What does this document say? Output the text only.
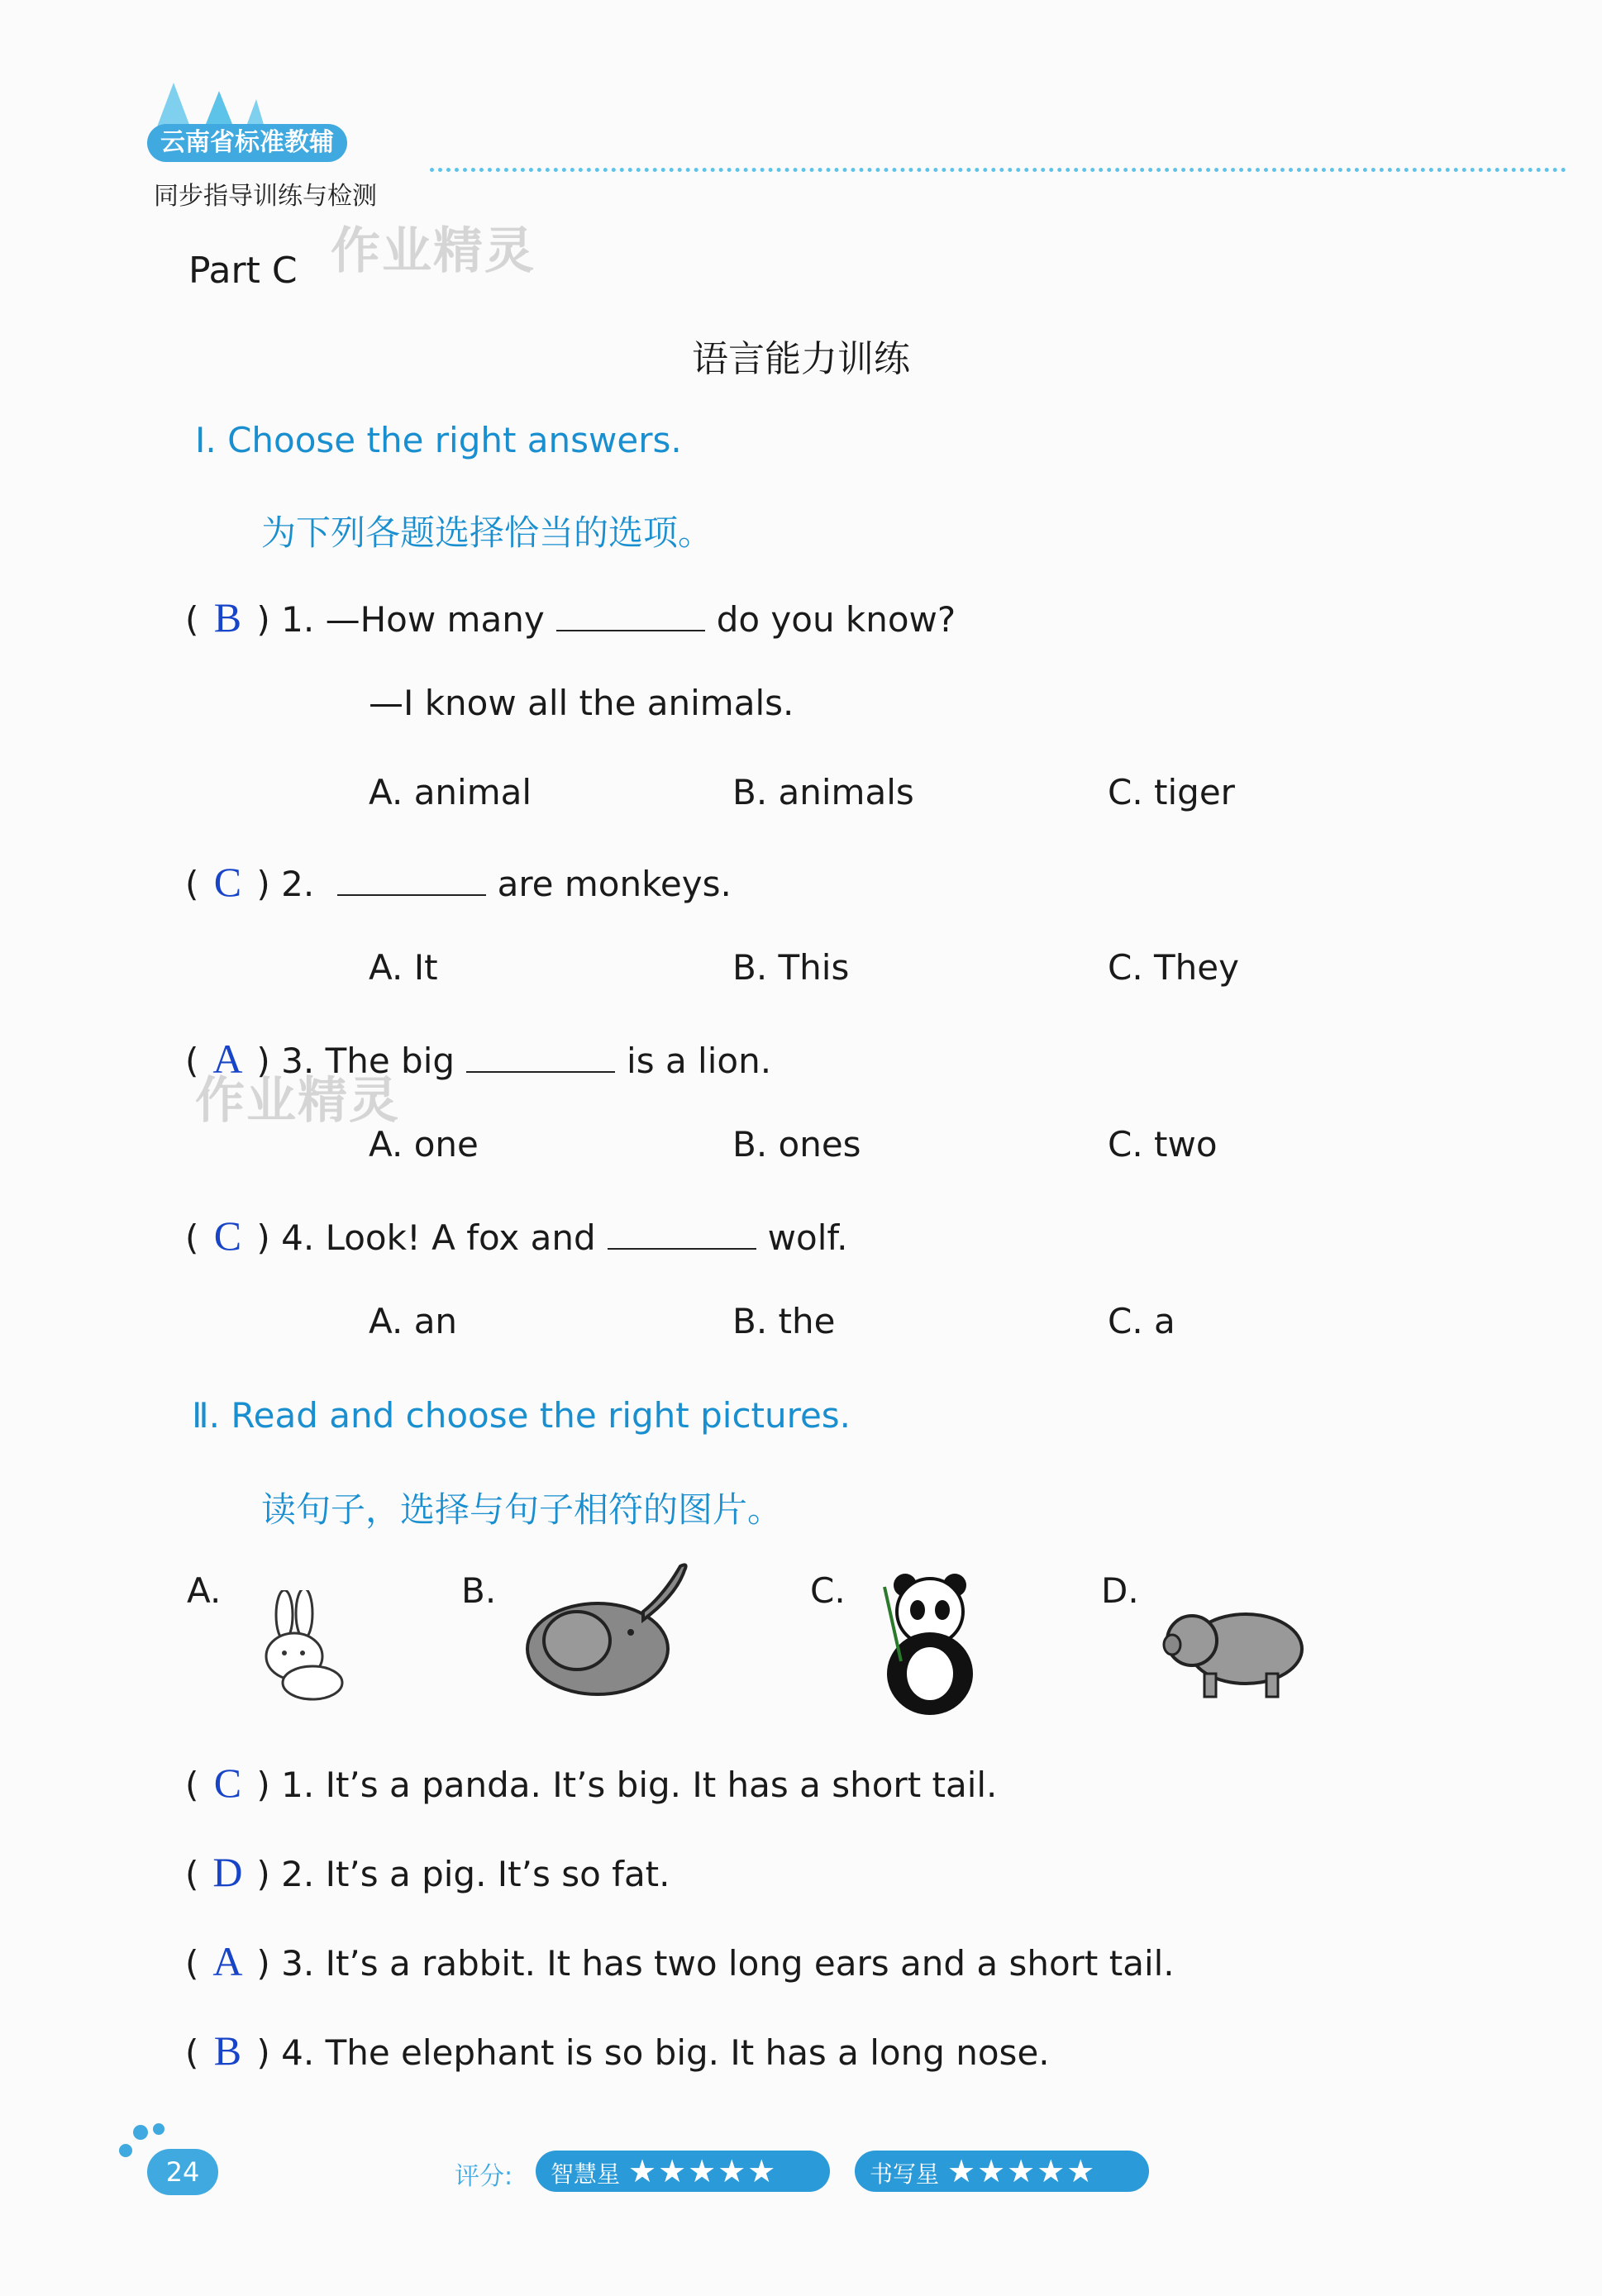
云南省标准教辅
同步指导训练与检测
作业精灵
Part C
语言能力训练
Ⅰ. Choose the right answers.
为下列各题选择恰当的选项。
( B ) 1. —How many	do you know?
—I know all the animals.
A. animal	B. animals	C. tiger
( C ) 2.	are monkeys.
A. It	B. This	C. They
( A ) 3. The big	is a lion.
作业精灵
A. one	B. ones	C. two
( C ) 4. Look! A fox and	wolf.
A. an	B. the	C. a
Ⅱ. Read and choose the right pictures.
读句子，选择与句子相符的图片。
A.	B.	C.	D.
( C ) 1. It’s a panda. It’s big. It has a short tail.
( D ) 2. It’s a pig. It’s so fat.
( A ) 3. It’s a rabbit. It has two long ears and a short tail.
( B ) 4. The elephant is so big. It has a long nose.
24	评分:	智慧星 ★★★★★	书写星 ★★★★★
